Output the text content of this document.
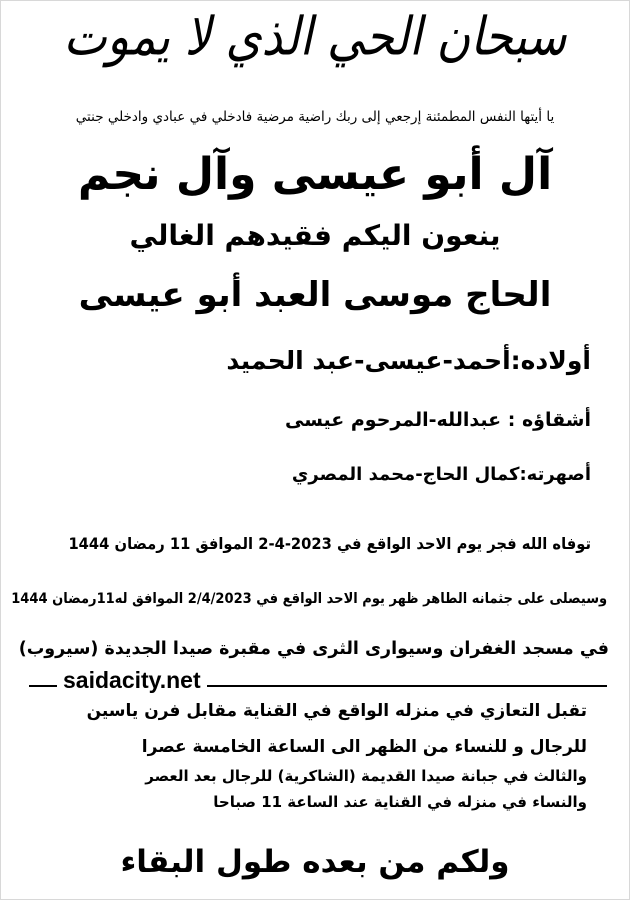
سبحان الحي الذي لا يموت
يا أيتها النفس المطمئنة إرجعي إلى ربك راضية مرضية فادخلي في عبادي وادخلي جنتي
آل أبو عيسى وآل نجم
ينعون اليكم فقيدهم الغالي
الحاج موسى العبد أبو عيسى
أولاده:أحمد-عيسى-عبد الحميد
أشقاؤه : عبدالله-المرحوم عيسى
أصهرته:كمال الحاج-محمد المصري
توفاه الله فجر يوم الاحد الواقع في 2023-4-2 الموافق 11 رمضان 1444
وسيصلى على جثمانه الطاهر ظهر يوم الاحد الواقع في 2/4/2023 الموافق له11رمضان 1444
في مسجد الغفران وسيوارى الثرى في مقبرة صيدا الجديدة (سيروب)
saidacity.net
تقبل التعازي في منزله الواقع في القناية مقابل فرن ياسين
للرجال و للنساء من الظهر الى الساعة الخامسة عصرا
والثالث في جبانة صيدا القديمة (الشاكرية) للرجال بعد العصر
والنساء في منزله في القناية عند الساعة 11 صباحا
ولكم من بعده طول البقاء
